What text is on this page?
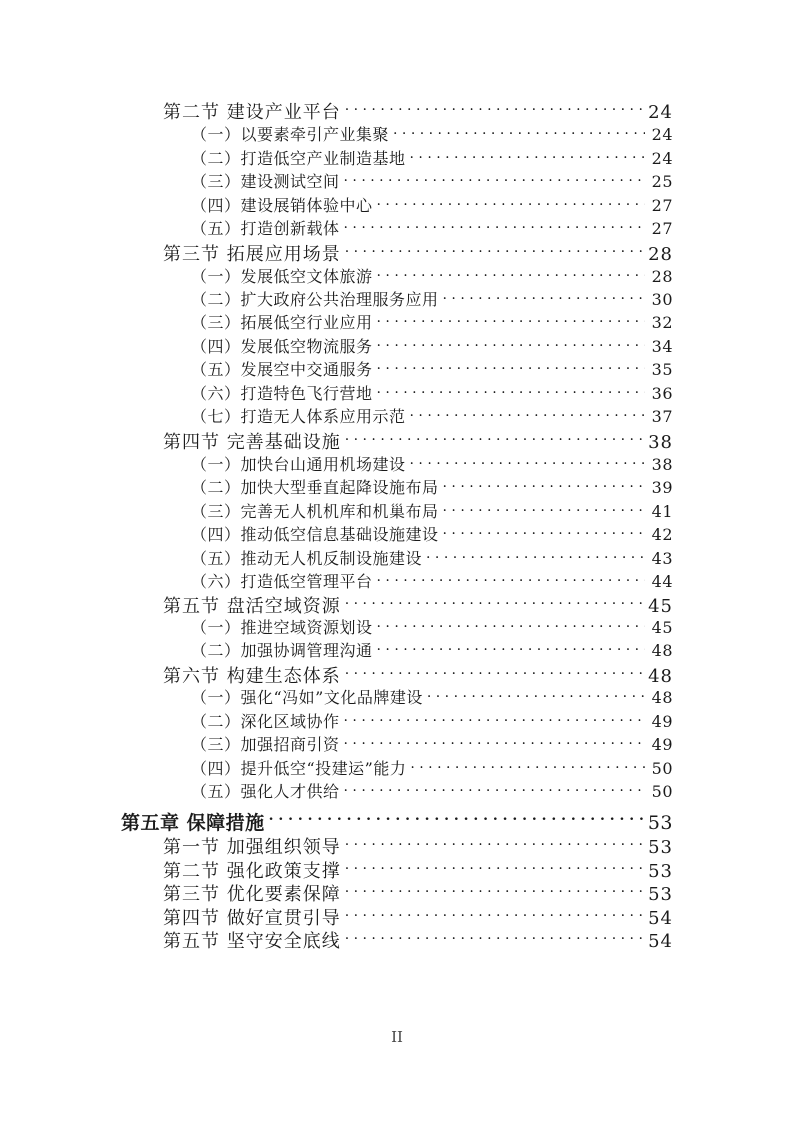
第二节 建设产业平台 . . .	24
（一）以要素牵引产业集聚 . . .	24
（二）打造低空产业制造基地 . . .	24
（三）建设测试空间 . . .	25
（四）建设展销体验中心 . . .	27
（五）打造创新载体 . . .	27
第三节 拓展应用场景 . . .	28
（一）发展低空文体旅游 . . .	28
（二）扩大政府公共治理服务应用 . . .	30
（三）拓展低空行业应用 . . .	32
（四）发展低空物流服务 . . .	34
（五）发展空中交通服务 . . .	35
（六）打造特色飞行营地 . . .	36
（七）打造无人体系应用示范 . . .	37
第四节 完善基础设施 . . .	38
（一）加快台山通用机场建设 . . .	38
（二）加快大型垂直起降设施布局 . . .	39
（三）完善无人机机库和机巢布局 . . .	41
（四）推动低空信息基础设施建设 . . .	42
（五）推动无人机反制设施建设 . . .	43
（六）打造低空管理平台 . . .	44
第五节 盘活空域资源 . . .	45
（一）推进空域资源划设 . . .	45
（二）加强协调管理沟通 . . .	48
第六节 构建生态体系 . . .	48
（一）强化“冯如”文化品牌建设 . . .	48
（二）深化区域协作 . . .	49
（三）加强招商引资 . . .	49
（四）提升低空“投建运”能力 . . .	50
（五）强化人才供给 . . .	50
第五章 保障措施 . . .	53
第一节 加强组织领导 . . .	53
第二节 强化政策支撑 . . .	53
第三节 优化要素保障 . . .	53
第四节 做好宣贯引导 . . .	54
第五节 坚守安全底线 . . .	54
II
